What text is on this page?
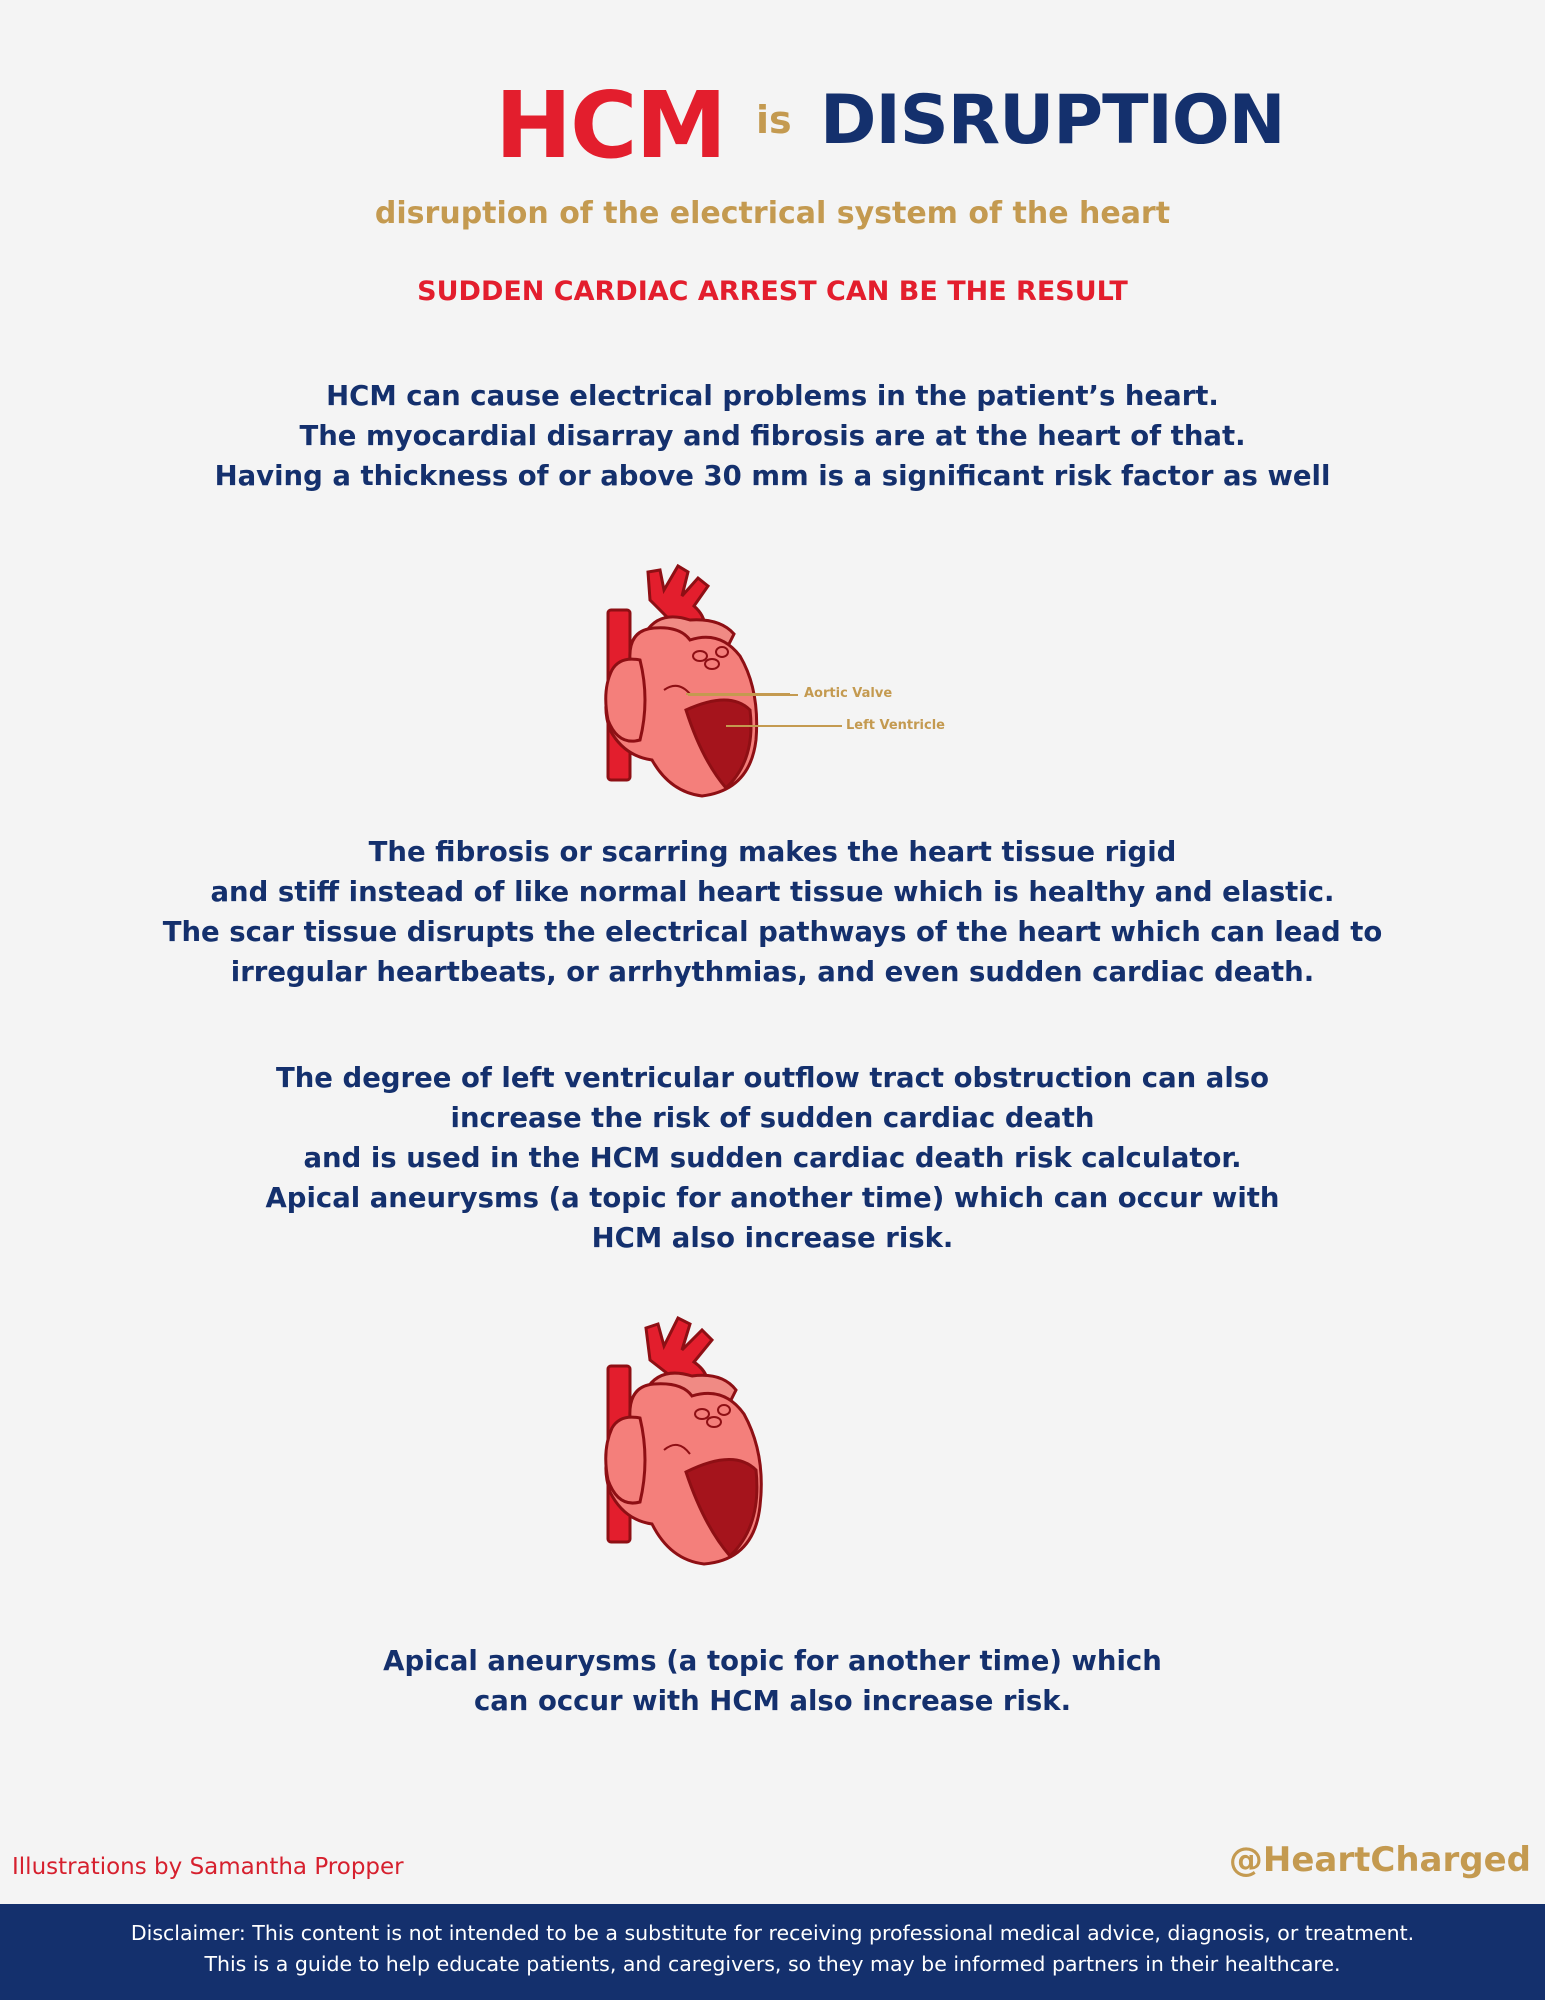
HCM is DISRUPTION
disruption of the electrical system of the heart
SUDDEN CARDIAC ARREST CAN BE THE RESULT
HCM can cause electrical problems in the patient’s heart.
The myocardial disarray and fibrosis are at the heart of that.
Having a thickness of or above 30 mm is a significant risk factor as well
Aortic Valve
Left Ventricle
The fibrosis or scarring makes the heart tissue rigid
and stiff instead of like normal heart tissue which is healthy and elastic.
The scar tissue disrupts the electrical pathways of the heart which can lead to
irregular heartbeats, or arrhythmias, and even sudden cardiac death.
The degree of left ventricular outflow tract obstruction can also
increase the risk of sudden cardiac death
and is used in the HCM sudden cardiac death risk calculator.
Apical aneurysms (a topic for another time) which can occur with
HCM also increase risk.
Apical aneurysms (a topic for another time) which
can occur with HCM also increase risk.
Illustrations by Samantha Propper	@HeartCharged
Disclaimer: This content is not intended to be a substitute for receiving professional medical advice, diagnosis, or treatment.
This is a guide to help educate patients, and caregivers, so they may be informed partners in their healthcare.
